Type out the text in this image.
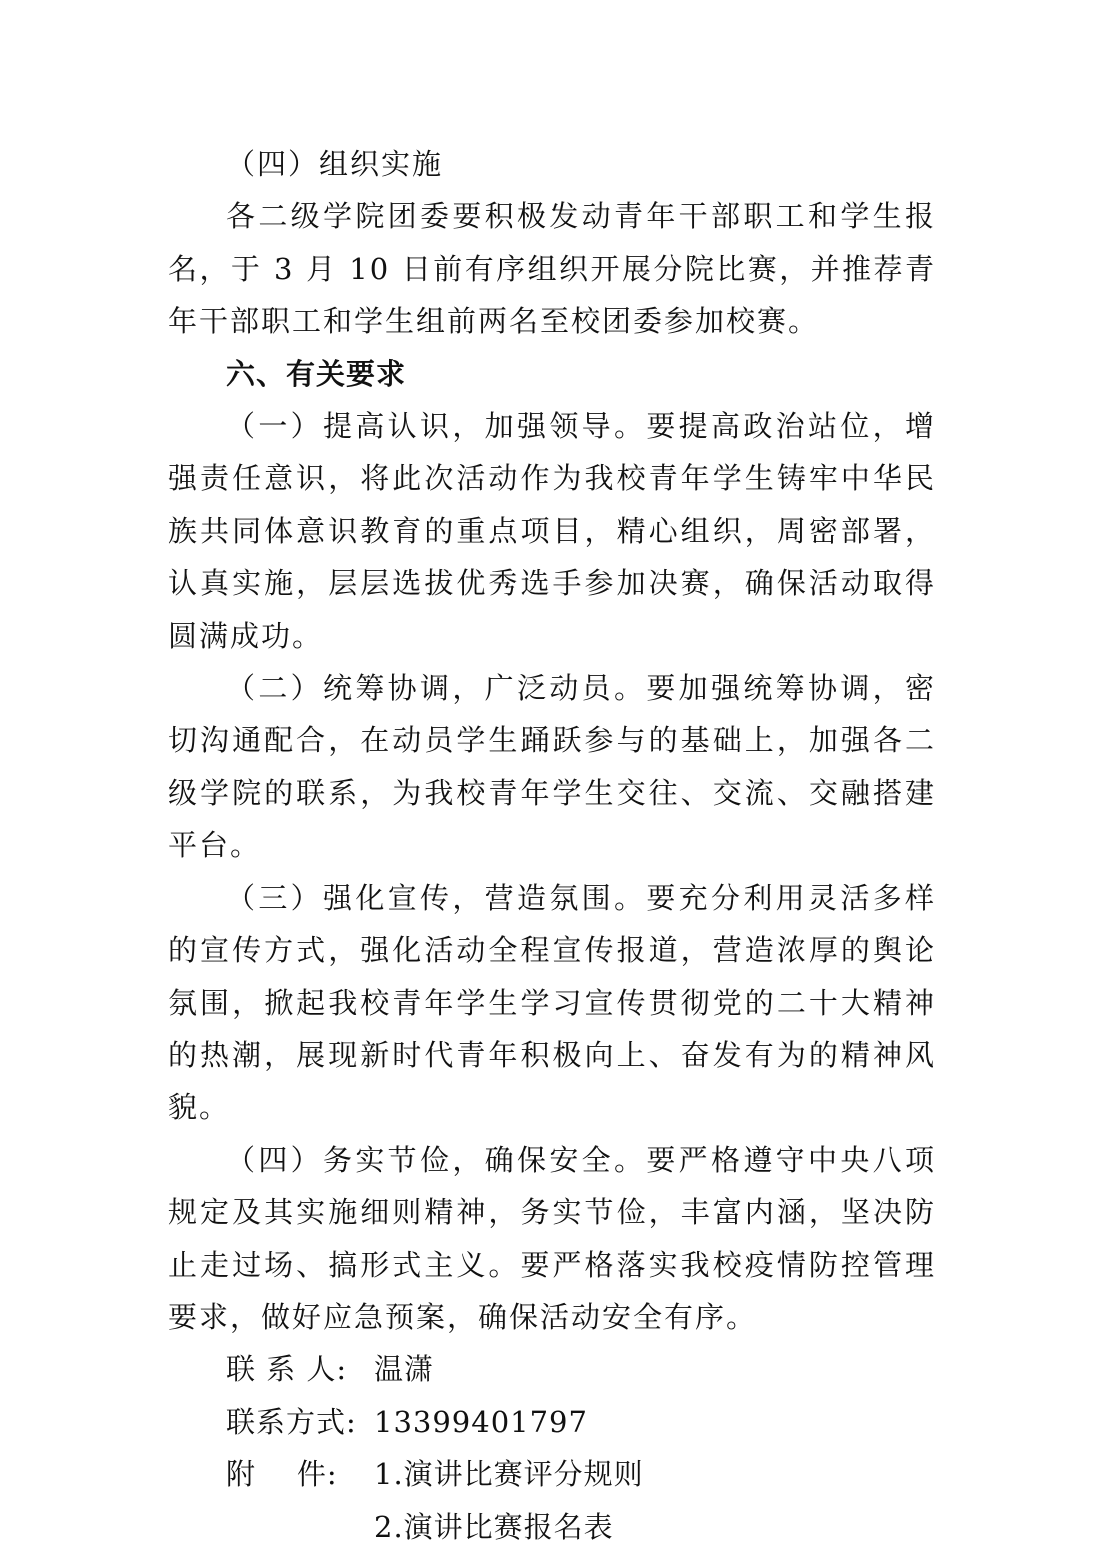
（四）组织实施

各二级学院团委要积极发动青年干部职工和学生报名，于 3 月 10 日前有序组织开展分院比赛，并推荐青年干部职工和学生组前两名至校团委参加校赛。

六、有关要求

（一）提高认识，加强领导。要提高政治站位，增强责任意识，将此次活动作为我校青年学生铸牢中华民族共同体意识教育的重点项目，精心组织，周密部署，认真实施，层层选拔优秀选手参加决赛，确保活动取得圆满成功。

（二）统筹协调，广泛动员。要加强统筹协调，密切沟通配合，在动员学生踊跃参与的基础上，加强各二级学院的联系，为我校青年学生交往、交流、交融搭建平台。

（三）强化宣传，营造氛围。要充分利用灵活多样的宣传方式，强化活动全程宣传报道，营造浓厚的舆论氛围，掀起我校青年学生学习宣传贯彻党的二十大精神的热潮，展现新时代青年积极向上、奋发有为的精神风貌。

（四）务实节俭，确保安全。要严格遵守中央八项规定及其实施细则精神，务实节俭，丰富内涵，坚决防止走过场、搞形式主义。要严格落实我校疫情防控管理要求，做好应急预案，确保活动安全有序。

联 系 人: 温潇
联系方式: 13399401797
附    件:	1.演讲比赛评分规则
2.演讲比赛报名表
